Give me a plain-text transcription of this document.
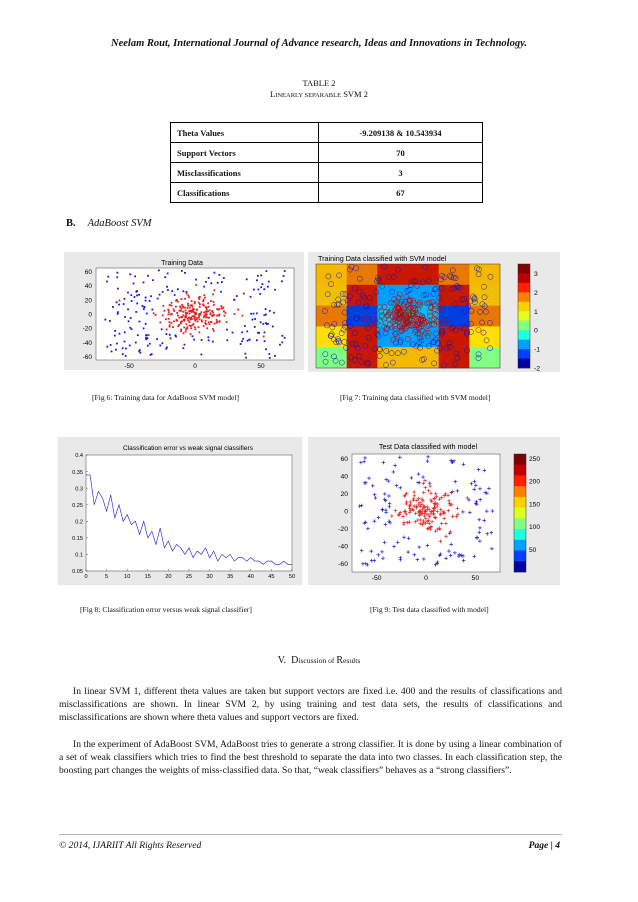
Neelam Rout, International Journal of Advance research, Ideas and Innovations in Technology.
TABLE 2
LINEARLY SEPARABLE SVM 2
Theta Values	-9.209138 & 10.543934
Support Vectors	70
Misclassifications	3
Classifications	67
B. AdaBoost SVM
Training Data
60
40
20
0
-20
-40
-60
-50	0	50
[Fig 6: Training data for AdaBoost SVM model]
Training Data classified with SVM model
3
2
1
0
-1
-2
[Fig 7: Training data classified with SVM model]
Classification error vs weak signal classifiers
0.4
0.35
0.3
0.25
0.2
0.15
0.1
0.05
0	5	10	15	20	25	30	35	40	45	50
[Fig 8: Classification error versus weak signal classifier]
Test Data classified with model
60
40
20
0
-20
-40
-60
-50	0	50
250
200
150
100
50
[Fig 9: Test data classified with model]
V. Discussion of Results
In linear SVM 1, different theta values are taken but support vectors are fixed i.e. 400 and the results of classifications and misclassifications are shown. In linear SVM 2, by using training and test data sets, the results of classifications and misclassifications are shown where theta values and support vectors are fixed.
In the experiment of AdaBoost SVM, AdaBoost tries to generate a strong classifier. It is done by using a linear combination of a set of weak classifiers which tries to find the best threshold to separate the data into two classes. In each classification step, the boosting part changes the weights of miss-classified data. So that, “weak classifiers” behaves as a “strong classifiers”.
© 2014, IJARIIT All Rights Reserved	Page | 4
